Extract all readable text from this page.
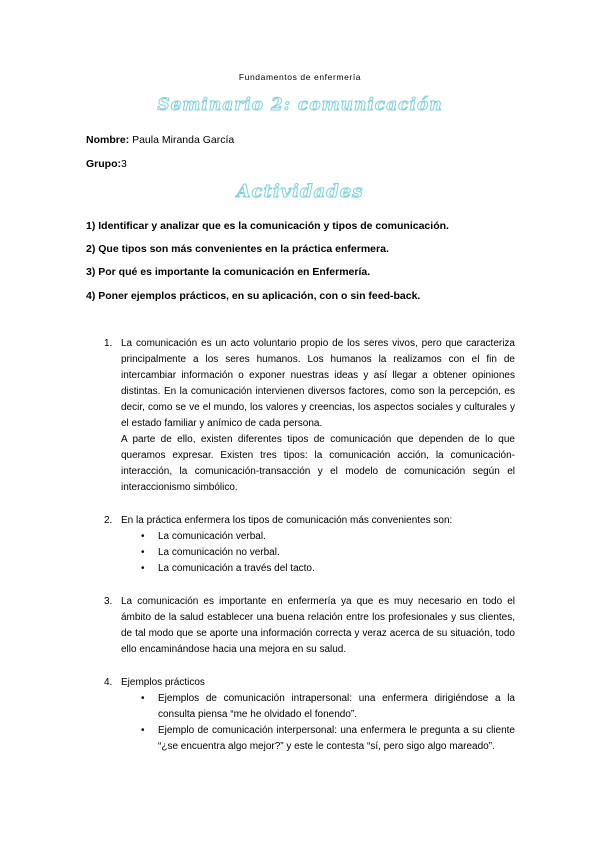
Fundamentos de enfermería
Seminario 2: comunicación
Nombre: Paula Miranda García
Grupo:3
Actividades
1) Identificar y analizar que es la comunicación y tipos de comunicación.
2) Que tipos son más convenientes en la práctica enfermera.
3) Por qué es importante la comunicación en Enfermería.
4) Poner ejemplos prácticos, en su aplicación, con o sin feed-back.
1. La comunicación es un acto voluntario propio de los seres vivos, pero que caracteriza principalmente a los seres humanos. Los humanos la realizamos con el fin de intercambiar información o exponer nuestras ideas y así llegar a obtener opiniones distintas. En la comunicación intervienen diversos factores, como son la percepción, es decir, como se ve el mundo, los valores y creencias, los aspectos sociales y culturales y el estado familiar y anímico de cada persona.
A parte de ello, existen diferentes tipos de comunicación que dependen de lo que queramos expresar. Existen tres tipos: la comunicación acción, la comunicación-interacción, la comunicación-transacción y el modelo de comunicación según el interaccionismo simbólico.
2. En la práctica enfermera los tipos de comunicación más convenientes son:
• La comunicación verbal.
• La comunicación no verbal.
• La comunicación a través del tacto.
3. La comunicación es importante en enfermería ya que es muy necesario en todo el ámbito de la salud establecer una buena relación entre los profesionales y sus clientes, de tal modo que se aporte una información correcta y veraz acerca de su situación, todo ello encaminándose hacia una mejora en su salud.
4. Ejemplos prácticos
• Ejemplos de comunicación intrapersonal: una enfermera dirigiéndose a la consulta piensa “me he olvidado el fonendo”.
• Ejemplo de comunicación interpersonal: una enfermera le pregunta a su cliente “¿se encuentra algo mejor?” y este le contesta “sí, pero sigo algo mareado”.
